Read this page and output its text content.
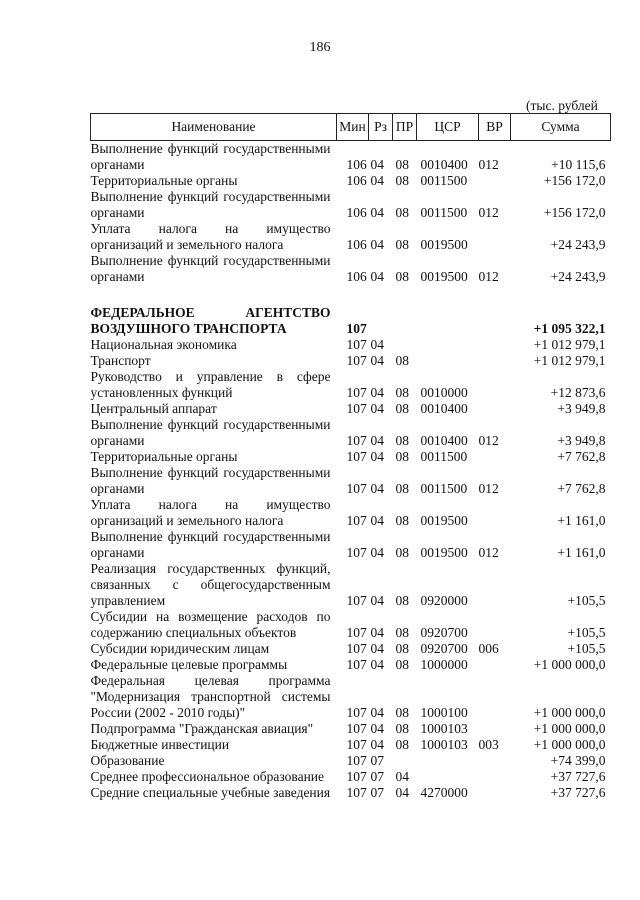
186
(тыс. рублей
Наименование	Мин	Рз	ПР	ЦСР	ВР	Сумма
Выполнение функций государственными органами	106	04	08	0010400	012	+10 115,6
Территориальные органы	106	04	08	0011500		+156 172,0
Выполнение функций государственными органами	106	04	08	0011500	012	+156 172,0
Уплата налога на имущество организаций и земельного налога	106	04	08	0019500		+24 243,9
Выполнение функций государственными органами	106	04	08	0019500	012	+24 243,9

ФЕДЕРАЛЬНОЕ АГЕНТСТВО ВОЗДУШНОГО ТРАНСПОРТА	107					+1 095 322,1
Национальная экономика	107	04				+1 012 979,1
Транспорт	107	04	08			+1 012 979,1
Руководство и управление в сфере установленных функций	107	04	08	0010000		+12 873,6
Центральный аппарат	107	04	08	0010400		+3 949,8
Выполнение функций государственными органами	107	04	08	0010400	012	+3 949,8
Территориальные органы	107	04	08	0011500		+7 762,8
Выполнение функций государственными органами	107	04	08	0011500	012	+7 762,8
Уплата налога на имущество организаций и земельного налога	107	04	08	0019500		+1 161,0
Выполнение функций государственными органами	107	04	08	0019500	012	+1 161,0
Реализация государственных функций, связанных с общегосударственным управлением	107	04	08	0920000		+105,5
Субсидии на возмещение расходов по содержанию специальных объектов	107	04	08	0920700		+105,5
Субсидии юридическим лицам	107	04	08	0920700	006	+105,5
Федеральные целевые программы	107	04	08	1000000		+1 000 000,0
Федеральная целевая программа "Модернизация транспортной системы России (2002 - 2010 годы)"	107	04	08	1000100		+1 000 000,0
Подпрограмма "Гражданская авиация"	107	04	08	1000103		+1 000 000,0
Бюджетные инвестиции	107	04	08	1000103	003	+1 000 000,0
Образование	107	07				+74 399,0
Среднее профессиональное образование	107	07	04			+37 727,6
Средние специальные учебные заведения	107	07	04	4270000		+37 727,6
